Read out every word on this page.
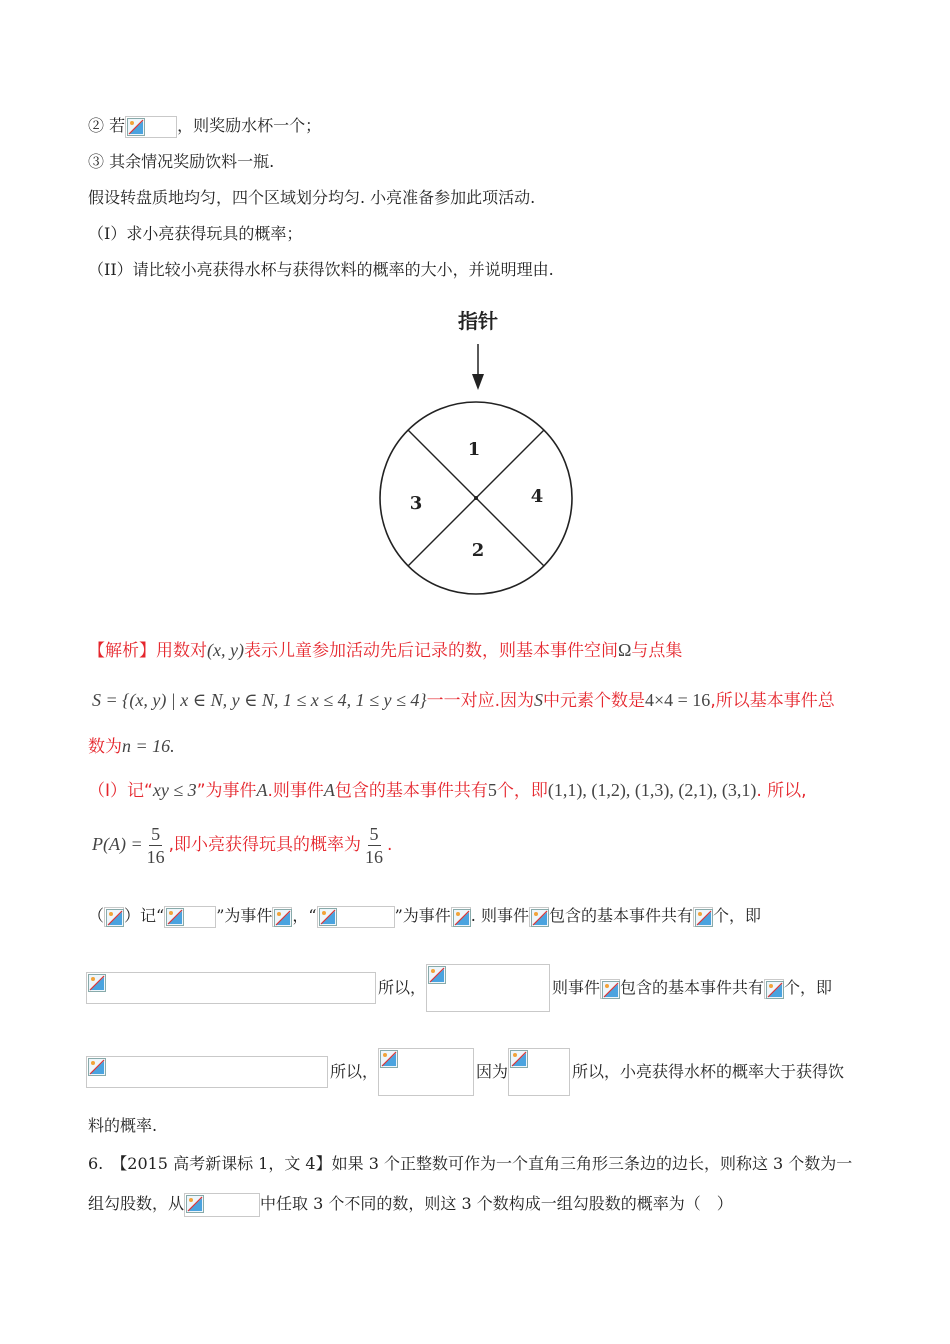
② 若	，则奖励水杯一个；
③ 其余情况奖励饮料一瓶.
假设转盘质地均匀，四个区域划分均匀. 小亮准备参加此项活动.
（I）求小亮获得玩具的概率；
（II）请比较小亮获得水杯与获得饮料的概率的大小，并说明理由.
指针
1
4
2
3
【解析】用数对(x, y)表示儿童参加活动先后记录的数，则基本事件空间Ω与点集
S = {(x, y) | x ∈ N, y ∈ N, 1 ≤ x ≤ 4, 1 ≤ y ≤ 4}一一对应.因为S中元素个数是4×4 = 16,所以基本事件总
数为n = 16.
（Ⅰ）记“xy ≤ 3”为事件A.则事件A包含的基本事件共有5个，即(1,1), (1,2), (1,3), (2,1), (3,1). 所以,
$P(A) = \frac{5}{16}$ ,即小亮获得玩具的概率为 $\frac{5}{16}$ .
（ ）记“	”为事件 ，“	”为事件 . 则事件 包含的基本事件共有 个，即
所以，	则事件 包含的基本事件共有 个，即
所以，	因为	所以，小亮获得水杯的概率大于获得饮
料的概率.
6.　【2015 高考新课标 1，文 4】如果 3 个正整数可作为一个直角三角形三条边的边长，则称这 3 个数为一
组勾股数，从	中任取 3 个不同的数，则这 3 个数构成一组勾股数的概率为（　）
